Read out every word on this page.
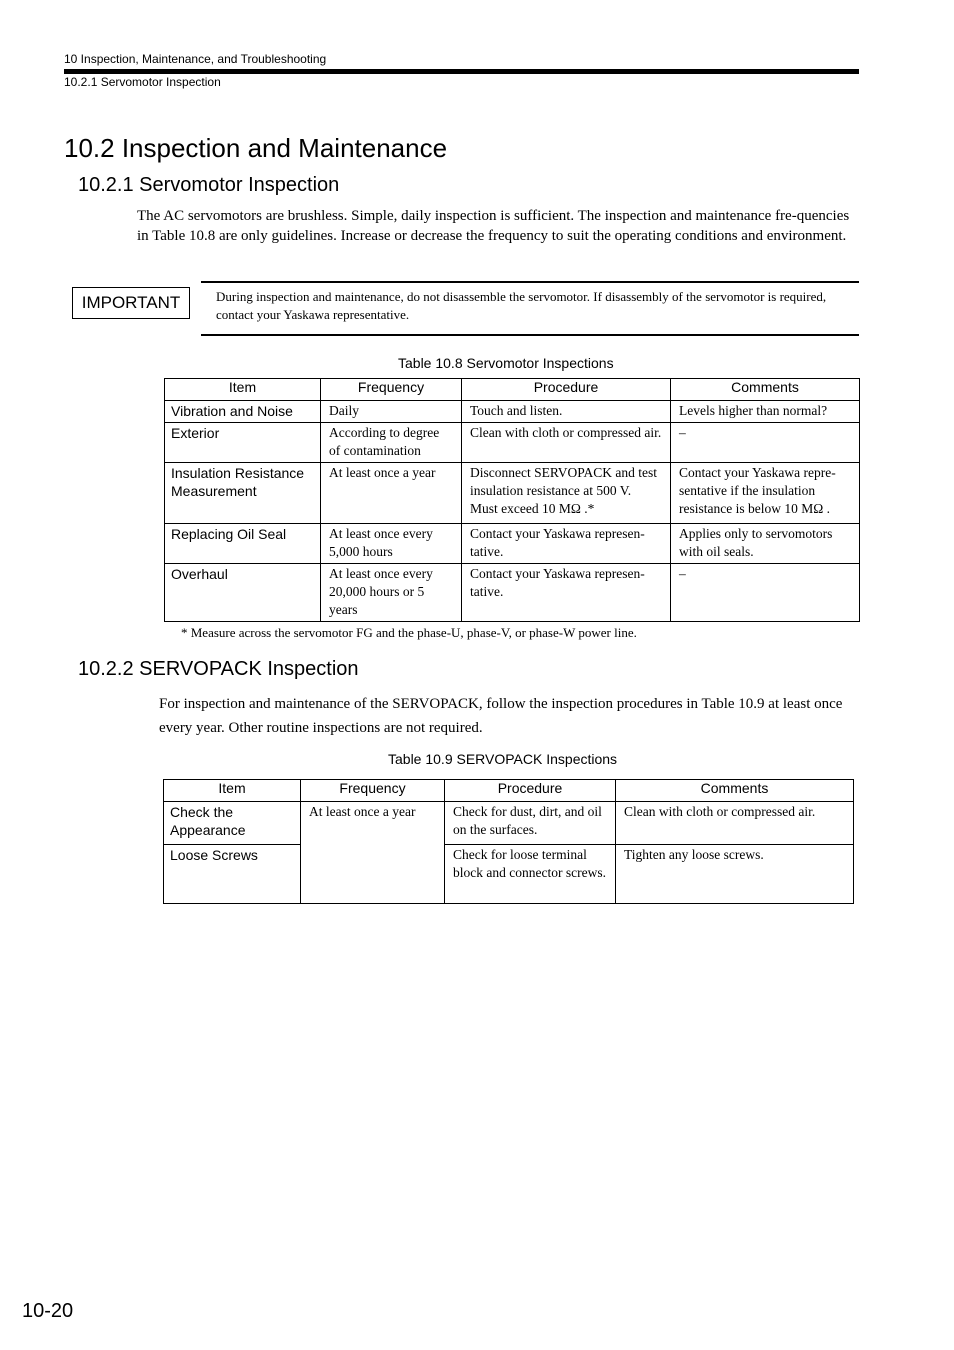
10 Inspection, Maintenance, and Troubleshooting
10.2.1 Servomotor Inspection
10.2 Inspection and Maintenance
10.2.1 Servomotor Inspection
The AC servomotors are brushless. Simple, daily inspection is sufficient. The inspection and maintenance fre-quencies in Table 10.8 are only guidelines. Increase or decrease the frequency to suit the operating conditions and environment.
IMPORTANT	During inspection and maintenance, do not disassemble the servomotor. If disassembly of the servomotor is required, contact your Yaskawa representative.
Table 10.8 Servomotor Inspections
Item	Frequency	Procedure	Comments
Vibration and Noise	Daily	Touch and listen.	Levels higher than normal?
Exterior	According to degree of contamination	Clean with cloth or compressed air.	–
Insulation Resistance Measurement	At least once a year	Disconnect SERVOPACK and test insulation resistance at 500 V. Must exceed 10 MΩ .*	Contact your Yaskawa repre-sentative if the insulation resistance is below 10 MΩ .
Replacing Oil Seal	At least once every 5,000 hours	Contact your Yaskawa represen-tative.	Applies only to servomotors with oil seals.
Overhaul	At least once every 20,000 hours or 5 years	Contact your Yaskawa represen-tative.	–
* Measure across the servomotor FG and the phase-U, phase-V, or phase-W power line.
10.2.2 SERVOPACK Inspection
For inspection and maintenance of the SERVOPACK, follow the inspection procedures in Table 10.9 at least once every year. Other routine inspections are not required.
Table 10.9 SERVOPACK Inspections
Item	Frequency	Procedure	Comments
Check the Appearance	At least once a year	Check for dust, dirt, and oil on the surfaces.	Clean with cloth or compressed air.
Loose Screws		Check for loose terminal block and connector screws.	Tighten any loose screws.
10-20
